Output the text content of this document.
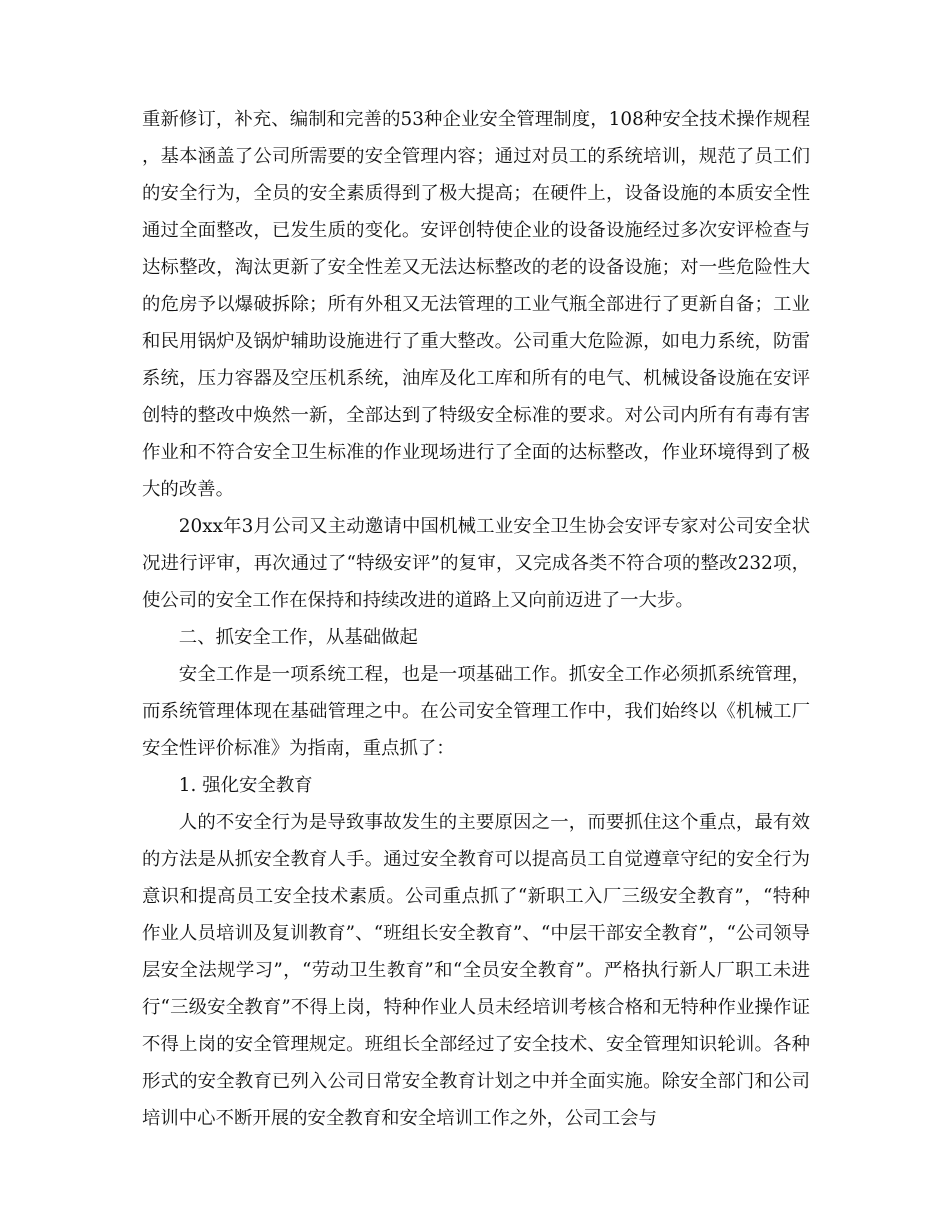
重新修订，补充、编制和完善的53种企业安全管理制度，108种安全技术操作规程，基本涵盖了公司所需要的安全管理内容；通过对员工的系统培训，规范了员工们的安全行为，全员的安全素质得到了极大提高；在硬件上，设备设施的本质安全性通过全面整改，已发生质的变化。安评创特使企业的设备设施经过多次安评检查与达标整改，淘汰更新了安全性差又无法达标整改的老的设备设施；对一些危险性大的危房予以爆破拆除；所有外租又无法管理的工业气瓶全部进行了更新自备；工业和民用锅炉及锅炉辅助设施进行了重大整改。公司重大危险源，如电力系统，防雷系统，压力容器及空压机系统，油库及化工库和所有的电气、机械设备设施在安评创特的整改中焕然一新，全部达到了特级安全标准的要求。对公司内所有有毒有害作业和不符合安全卫生标准的作业现场进行了全面的达标整改，作业环境得到了极大的改善。

20xx年3月公司又主动邀请中国机械工业安全卫生协会安评专家对公司安全状况进行评审，再次通过了“特级安评”的复审，又完成各类不符合项的整改232项，使公司的安全工作在保持和持续改进的道路上又向前迈进了一大步。

二、抓安全工作，从基础做起

安全工作是一项系统工程，也是一项基础工作。抓安全工作必须抓系统管理，而系统管理体现在基础管理之中。在公司安全管理工作中，我们始终以《机械工厂安全性评价标准》为指南，重点抓了：

1. 强化安全教育

人的不安全行为是导致事故发生的主要原因之一，而要抓住这个重点，最有效的方法是从抓安全教育人手。通过安全教育可以提高员工自觉遵章守纪的安全行为意识和提高员工安全技术素质。公司重点抓了“新职工入厂三级安全教育”，“特种作业人员培训及复训教育”、“班组长安全教育”、“中层干部安全教育”，“公司领导层安全法规学习”，“劳动卫生教育”和“全员安全教育”。严格执行新人厂职工未进行“三级安全教育”不得上岗，特种作业人员未经培训考核合格和无特种作业操作证不得上岗的安全管理规定。班组长全部经过了安全技术、安全管理知识轮训。各种形式的安全教育已列入公司日常安全教育计划之中并全面实施。除安全部门和公司培训中心不断开展的安全教育和安全培训工作之外，公司工会与
